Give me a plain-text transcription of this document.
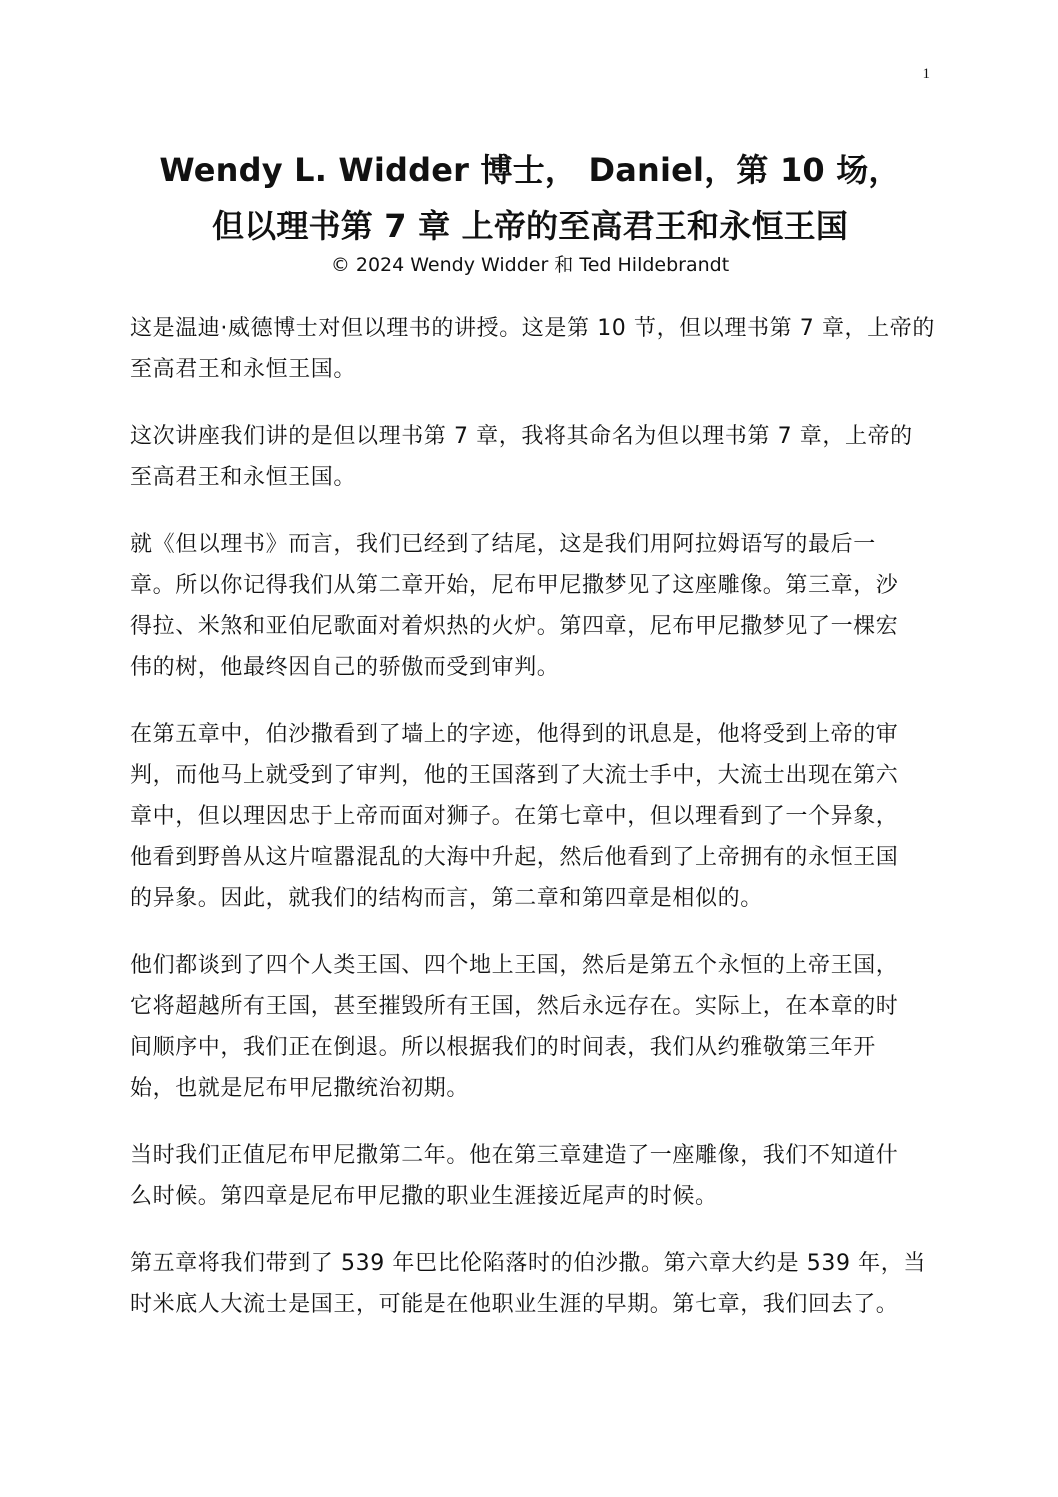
1
Wendy L. Widder 博士， Daniel，第 10 场，
但以理书第 7 章 上帝的至高君王和永恒王国
© 2024 Wendy Widder 和 Ted Hildebrandt
这是温迪·威德博士对但以理书的讲授。这是第 10 节，但以理书第 7 章，上帝的
至高君王和永恒王国。
这次讲座我们讲的是但以理书第 7 章，我将其命名为但以理书第 7 章，上帝的
至高君王和永恒王国。
就《但以理书》而言，我们已经到了结尾，这是我们用阿拉姆语写的最后一
章。所以你记得我们从第二章开始，尼布甲尼撒梦见了这座雕像。第三章，沙
得拉、米煞和亚伯尼歌面对着炽热的火炉。第四章，尼布甲尼撒梦见了一棵宏
伟的树，他最终因自己的骄傲而受到审判。
在第五章中，伯沙撒看到了墙上的字迹，他得到的讯息是，他将受到上帝的审
判，而他马上就受到了审判，他的王国落到了大流士手中，大流士出现在第六
章中，但以理因忠于上帝而面对狮子。在第七章中，但以理看到了一个异象，
他看到野兽从这片喧嚣混乱的大海中升起，然后他看到了上帝拥有的永恒王国
的异象。因此，就我们的结构而言，第二章和第四章是相似的。
他们都谈到了四个人类王国、四个地上王国，然后是第五个永恒的上帝王国，
它将超越所有王国，甚至摧毁所有王国，然后永远存在。实际上，在本章的时
间顺序中，我们正在倒退。所以根据我们的时间表，我们从约雅敬第三年开
始，也就是尼布甲尼撒统治初期。
当时我们正值尼布甲尼撒第二年。他在第三章建造了一座雕像，我们不知道什
么时候。第四章是尼布甲尼撒的职业生涯接近尾声的时候。
第五章将我们带到了 539 年巴比伦陷落时的伯沙撒。第六章大约是 539 年，当
时米底人大流士是国王，可能是在他职业生涯的早期。第七章，我们回去了。
